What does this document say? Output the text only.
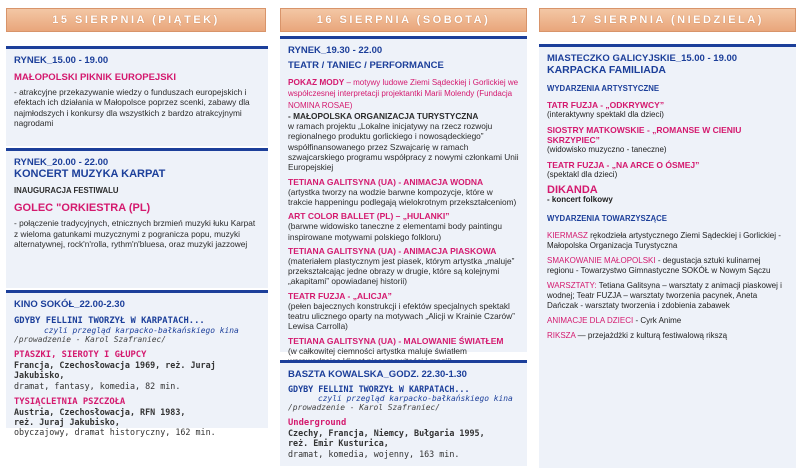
15 SIERPNIA (PIĄTEK)
RYNEK_15.00 - 19.00
MAŁOPOLSKI PIKNIK EUROPEJSKI
- atrakcyjne przekazywanie wiedzy o funduszach europejskich i efektach ich działania w Małopolsce poprzez scenki, zabawy dla najmłodszych i konkursy dla wszystkich z bardzo atrakcyjnymi nagrodami
RYNEK_20.00 - 22.00
KONCERT MUZYKA KARPAT
INAUGURACJA FESTIWALU
GOLEC "ORKIESTRA (PL)
- połączenie tradycyjnych, etnicznych brzmień muzyki łuku Karpat z wieloma gatunkami muzycznymi z pogranicza popu, muzyki alternatywnej, rock'n'rolla, rythm'n'bluesa, oraz muzyki jazzowej
KINO SOKÓŁ_22.00-2.30
GDYBY FELLINI TWORZYŁ W KARPATACH...
czyli przegląd karpacko-bałkańskiego kina
/prowadzenie - Karol Szafraniec/
PTASZKI, SIEROTY I GŁUPCY
Francja, Czechosłowacja 1969, reż. Juraj Jakubisko,
dramat, fantasy, komedia, 82 min.
TYSIĄCLETNIA PSZCZOŁA
Austria, Czechosłowacja, RFN 1983,
reż. Juraj Jakubisko,
obyczajowy, dramat historyczny, 162 min.
16 SIERPNIA (SOBOTA)
RYNEK_19.30 - 22.00
TEATR / TANIEC / PERFORMANCE
POKAZ MODY – motywy ludowe Ziemi Sądeckiej i Gorlickiej we współczesnej interpretacji projektantki Marii Molendy (Fundacja NOMINA ROSAE)
- MAŁOPOLSKA ORGANIZACJA TURYSTYCZNA
w ramach projektu „Lokalne inicjatywy na rzecz rozwoju regionalnego produktu gorlickiego i nowosądeckiego” współfinansowanego przez Szwajcarię w ramach szwajcarskiego programu współpracy z nowymi członkami Unii Europejskiej
TETIANA GALITSYNA (UA) - ANIMACJA WODNA
(artystka tworzy na wodzie barwne kompozycje, które w trakcie happeningu podlegają wielokrotnym przekształceniom)
ART COLOR BALLET (PL) – „HULANKI”
(barwne widowisko taneczne z elementami body paintingu inspirowane motywami polskiego folkloru)
TETIANA GALITSYNA (UA) - ANIMACJA PIASKOWA
(materiałem plastycznym jest piasek, którym artystka „maluje” przekształcając jedne obrazy w drugie, które są kolejnymi „akapitami” opowiadanej historii)
TEATR FUZJA - „ALICJA”
(pełen bajecznych konstrukcji i efektów specjalnych spektakl teatru ulicznego oparty na motywach „Alicji w Krainie Czarów” Lewisa Carrolla)
TETIANA GALITSYNA (UA) - MALOWANIE ŚWIATŁEM
(w całkowitej ciemności artystka maluje światłem
BASZTA KOWALSKA_GODZ. 22.30-1.30
GDYBY FELLINI TWORZYŁ W KARPATACH...
czyli przegląd karpacko-bałkańskiego kina
/prowadzenie - Karol Szafraniec/
Underground
Czechy, Francja, Niemcy, Bułgaria 1995,
reż. Emir Kusturica,
dramat, komedia, wojenny, 163 min.
17 SIERPNIA (NIEDZIELA)
MIASTECZKO GALICYJSKIE_15.00 - 19.00
KARPACKA FAMILIADA
WYDARZENIA ARTYSTYCZNE
TATR FUZJA - „ODKRYWCY”
(interaktywny spektakl dla dzieci)
SIOSTRY MATKOWSKIE - „ROMANSE W CIENIU SKRZYPIEC”
(widowisko muzyczno - taneczne)
TEATR FUZJA - „NA ARCE O ÓSMEJ”
(spektakl dla dzieci)
DIKANDA
- koncert folkowy
WYDARZENIA TOWARZYSZĄCE
KIERMASZ rękodzieła artystycznego Ziemi Sądeckiej i Gorlickiej - Małopolska Organizacja Turystyczna
SMAKOWANIE MAŁOPOLSKI - degustacja sztuki kulinarnej regionu - Towarzystwo Gimnastyczne SOKÓŁ w Nowym Sączu
WARSZTATY: Tetiana Galitsyna – warsztaty z animacji piaskowej i wodnej; Teatr FUZJA – warsztaty tworzenia pacynek, Aneta Dańczak - warsztaty tworzenia i zdobienia zabawek
ANIMACJE DLA DZIECI - Cyrk Anime
RIKSZA — przejażdżki z kulturą festiwalową rikszą
